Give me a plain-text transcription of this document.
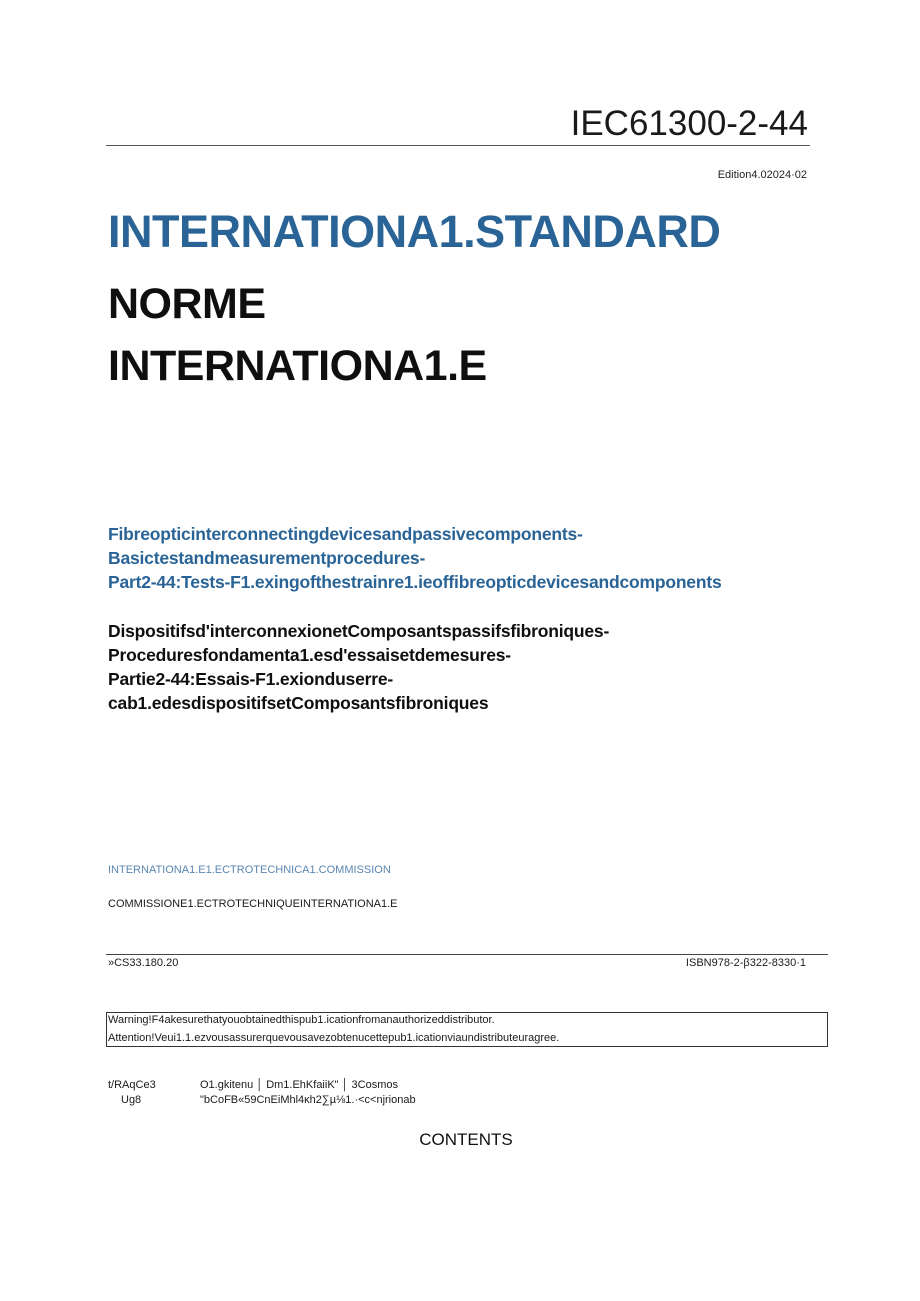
IEC61300-2-44
Edition4.02024·02
INTERNATIONA1.STANDARD
NORME
INTERNATIONA1.E
Fibreopticinterconnectingdevicesandpassivecomponents-
Basictestandmeasurementprocedures-
Part2-44:Tests-F1.exingofthestrainre1.ieoffibreopticdevicesandcomponents
Dispositifsd'interconnexionetComposantspassifsfibroniques-
Proceduresfondamenta1.esd'essaisetdemesures-
Partie2-44:Essais-F1.exionduserre-
cab1.edesdispositifsetComposantsfibroniques
INTERNATIONA1.E1.ECTROTECHNICA1.COMMISSION
COMMISSIONE1.ECTROTECHNIQUEINTERNATIONA1.E
»CS33.180.20	ISBN978-2-β322-8330·1
Warning!F4akesurethatyouobtainedthispub1.icationfromanauthorizeddistributor.
Attention!Veui1.1.ezvousassurerquevousavezobtenucettepub1.icationviaundistributeuragree.
t/RAqCe3	O1.gkitenu │ Dm1.EhKfaiiK" │ 3Cosmos
Ug8	"bCoFB«59CnEiMhl4κh2∑µ⅛1.·<c<njrionab
CONTENTS
